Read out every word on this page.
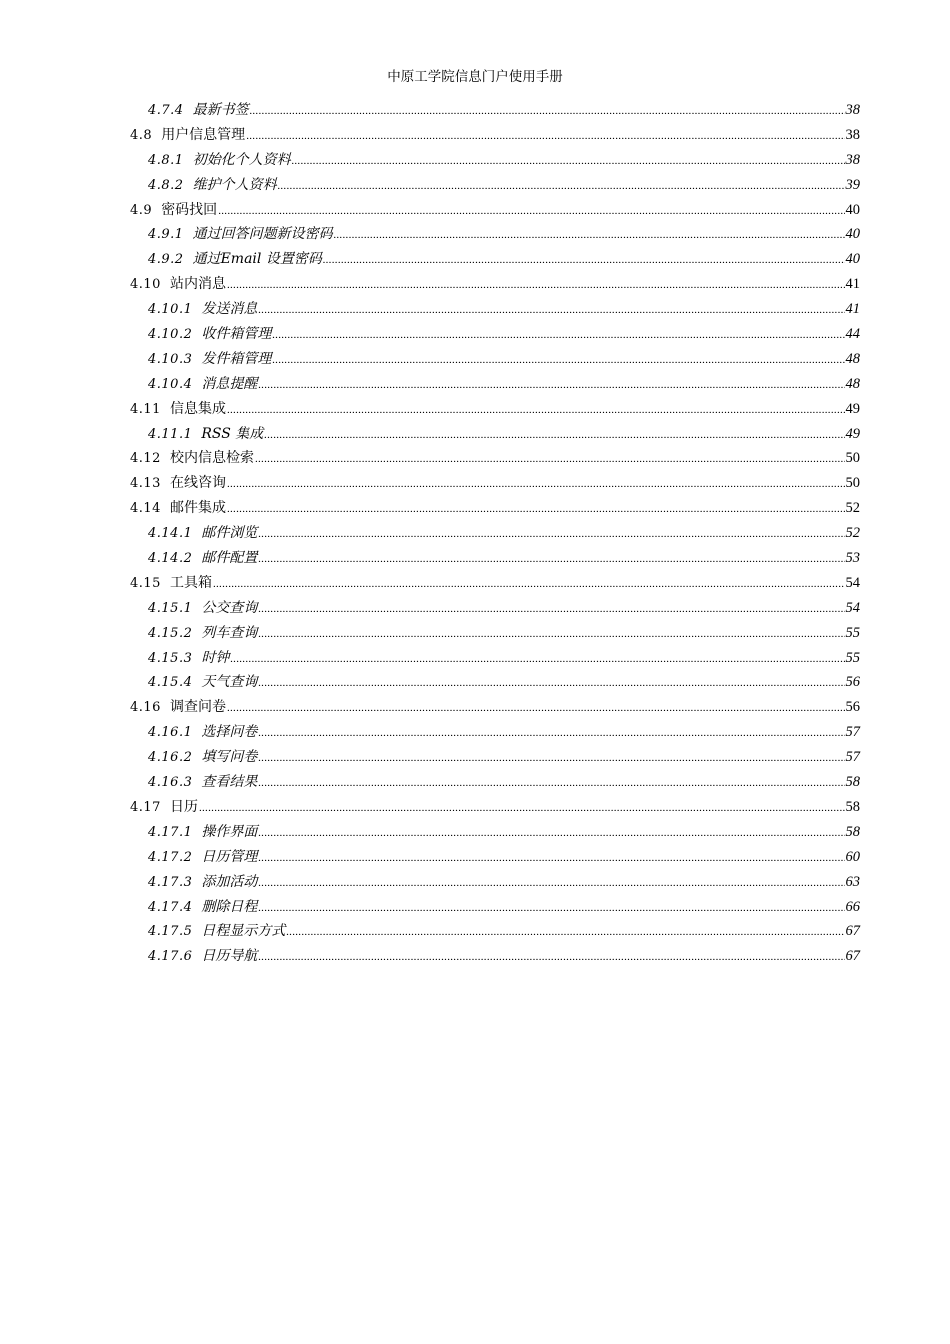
中原工学院信息门户使用手册
4.7.4 最新书签 .....	38
4.8 用户信息管理 .....	38
4.8.1 初始化个人资料 .....	38
4.8.2 维护个人资料 .....	39
4.9 密码找回 .....	40
4.9.1 通过回答问题新设密码 .....	40
4.9.2 通过Email 设置密码 .....	40
4.10 站内消息 .....	41
4.10.1 发送消息 .....	41
4.10.2 收件箱管理 .....	44
4.10.3 发件箱管理 .....	48
4.10.4 消息提醒 .....	48
4.11 信息集成 .....	49
4.11.1 RSS 集成 .....	49
4.12 校内信息检索 .....	50
4.13 在线咨询 .....	50
4.14 邮件集成 .....	52
4.14.1 邮件浏览 .....	52
4.14.2 邮件配置 .....	53
4.15 工具箱 .....	54
4.15.1 公交查询 .....	54
4.15.2 列车查询 .....	55
4.15.3 时钟 .....	55
4.15.4 天气查询 .....	56
4.16 调查问卷 .....	56
4.16.1 选择问卷 .....	57
4.16.2 填写问卷 .....	57
4.16.3 查看结果 .....	58
4.17 日历 .....	58
4.17.1 操作界面 .....	58
4.17.2 日历管理 .....	60
4.17.3 添加活动 .....	63
4.17.4 删除日程 .....	66
4.17.5 日程显示方式 .....	67
4.17.6 日历导航 .....	67
